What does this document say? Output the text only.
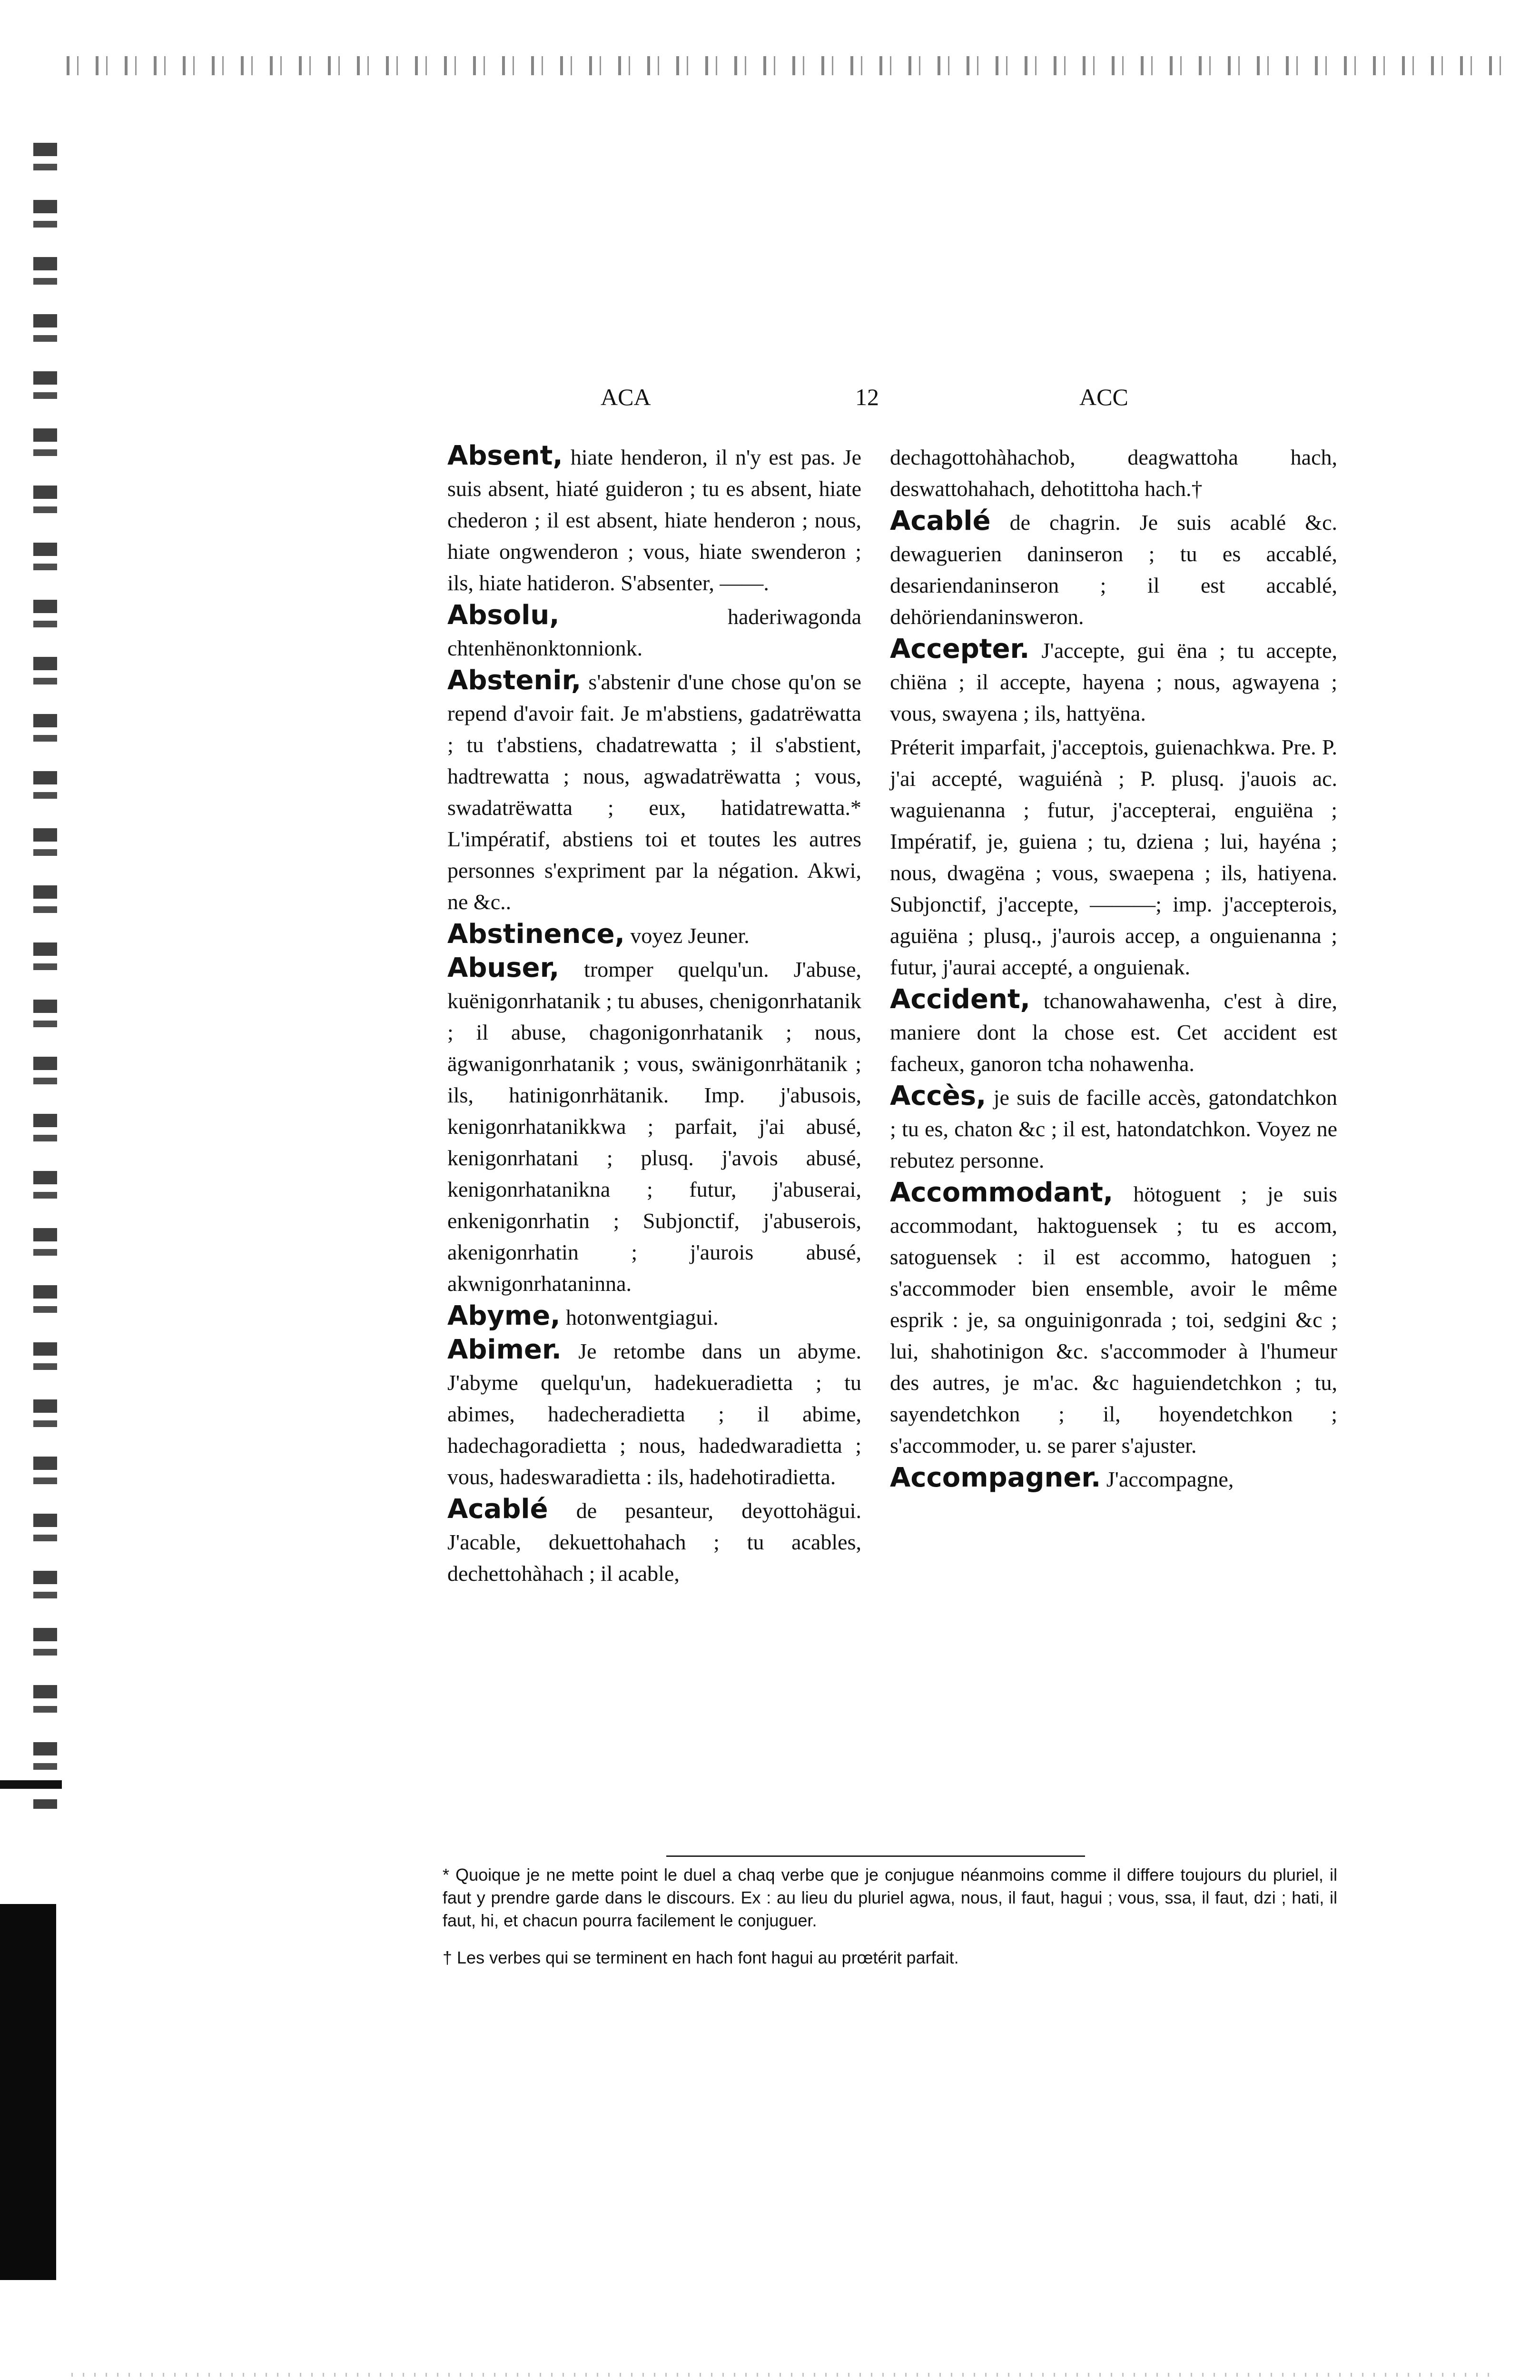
ACA	12	ACC

Absent, hiate henderon, il n'y est pas. Je suis absent, hiaté guideron ; tu es absent, hiate chederon ; il est absent, hiate henderon ; nous, hiate ongwenderon ; vous, hiate swenderon ; ils, hiate hatideron. S'absenter, ——.

Absolu, haderiwagonda chtenhënonktonnionk.

Abstenir, s'abstenir d'une chose qu'on se repend d'avoir fait. Je m'abstiens, gadatrëwatta ; tu t'abstiens, chadatrewatta ; il s'abstient, hadtrewatta ; nous, agwadatrëwatta ; vous, swadatrëwatta ; eux, hatidatrewatta.* L'impératif, abstiens toi et toutes les autres personnes s'expriment par la négation. Akwi, ne &c..

Abstinence, voyez Jeuner.

Abuser, tromper quelqu'un. J'abuse, kuënigonrhatanik ; tu abuses, chenigonrhatanik ; il abuse, chagonigonrhatanik ; nous, ägwanigonrhatanik ; vous, swänigonrhätanik ; ils, hatinigonrhätanik. Imp. j'abusois, kenigonrhatanikkwa ; parfait, j'ai abusé, kenigonrhatani ; plusq. j'avois abusé, kenigonrhatanikna ; futur, j'abuserai, enkenigonrhatin ; Subjonctif, j'abuserois, akenigonrhatin ; j'aurois abusé, akwnigonrhataninna.

Abyme, hotonwentgiagui.

Abimer. Je retombe dans un abyme. J'abyme quelqu'un, hadekueradietta ; tu abimes, hadecheradietta ; il abime, hadechagoradietta ; nous, hadedwaradietta ; vous, hadeswaradietta : ils, hadehotiradietta.

Acablé de pesanteur, deyottohägui. J'acable, dekuettohahach ; tu acables, dechettohàhach ; il acable,

dechagottohàhachob, deagwattoha hach, deswattohahach, dehotittoha hach.†

Acablé de chagrin. Je suis acablé &c. dewaguerien daninseron ; tu es accablé, desariendaninseron ; il est accablé, dehöriendaninsweron.

Accepter. J'accepte, gui ëna ; tu accepte, chiëna ; il accepte, hayena ; nous, agwayena ; vous, swayena ; ils, hattyëna.

Préterit imparfait, j'acceptois, guienachkwa. Pre. P. j'ai accepté, waguiénà ; P. plusq. j'auois ac. waguienanna ; futur, j'accepterai, enguiëna ; Impératif, je, guiena ; tu, dziena ; lui, hayéna ; nous, dwagëna ; vous, swaepena ; ils, hatiyena. Subjonctif, j'accepte, ———; imp. j'accepterois, aguiëna ; plusq., j'aurois accep, a onguienanna ; futur, j'aurai accepté, a onguienak.

Accident, tchanowahawenha, c'est à dire, maniere dont la chose est. Cet accident est facheux, ganoron tcha nohawenha.

Accès, je suis de facille accès, gatondatchkon ; tu es, chaton &c ; il est, hatondatchkon. Voyez ne rebutez personne.

Accommodant, hötoguent ; je suis accommodant, haktoguensek ; tu es accom, satoguensek : il est accommo, hatoguen ; s'accommoder bien ensemble, avoir le même esprik : je, sa onguinigonrada ; toi, sedgini &c ; lui, shahotinigon &c. s'accommoder à l'humeur des autres, je m'ac. &c haguiendetchkon ; tu, sayendetchkon ; il, hoyendetchkon ; s'accommoder, u. se parer s'ajuster.

Accompagner. J'accompagne,

* Quoique je ne mette point le duel a chaq verbe que je conjugue néanmoins comme il differe toujours du pluriel, il faut y prendre garde dans le discours. Ex : au lieu du pluriel agwa, nous, il faut, hagui ; vous, ssa, il faut, dzi ; hati, il faut, hi, et chacun pourra facilement le conjuguer.

† Les verbes qui se terminent en hach font hagui au prœtérit parfait.
